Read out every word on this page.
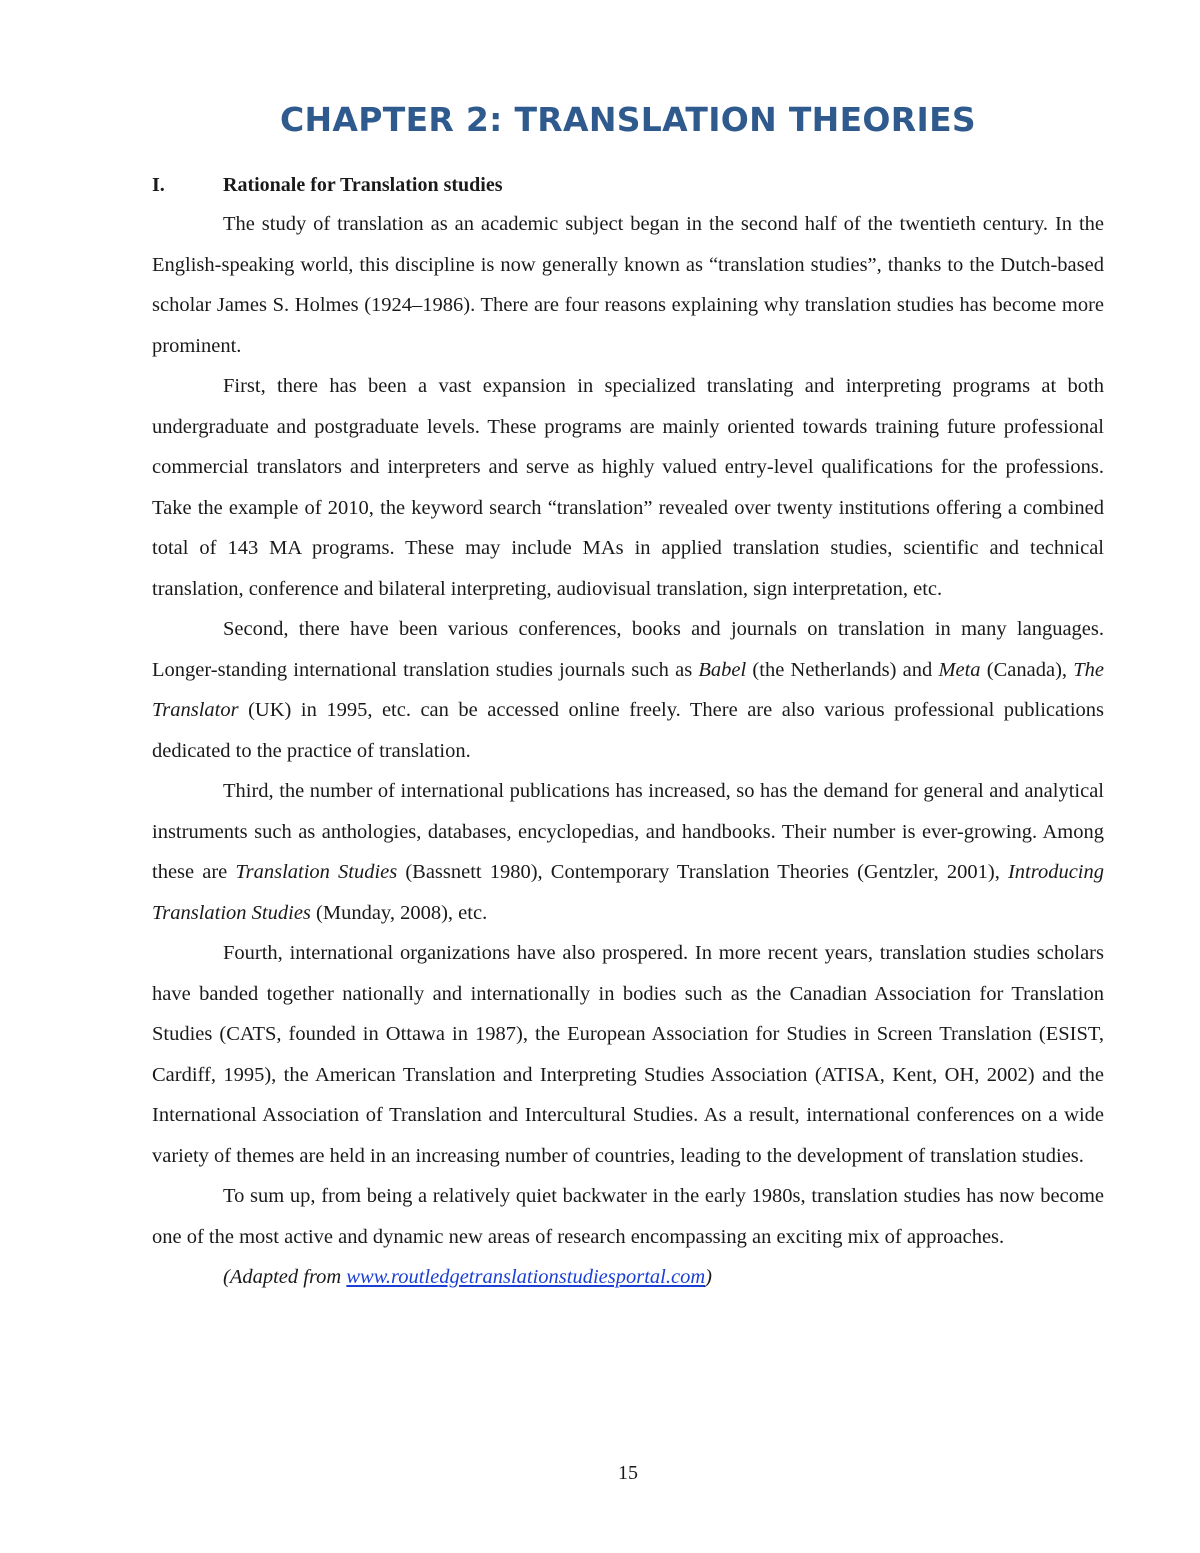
CHAPTER 2: TRANSLATION THEORIES
I.	Rationale for Translation studies

The study of translation as an academic subject began in the second half of the twentieth century. In the English-speaking world, this discipline is now generally known as “translation studies”, thanks to the Dutch-based scholar James S. Holmes (1924–1986). There are four reasons explaining why translation studies has become more prominent.

First, there has been a vast expansion in specialized translating and interpreting programs at both undergraduate and postgraduate levels. These programs are mainly oriented towards training future professional commercial translators and interpreters and serve as highly valued entry-level qualifications for the professions. Take the example of 2010, the keyword search “translation” revealed over twenty institutions offering a combined total of 143 MA programs. These may include MAs in applied translation studies, scientific and technical translation, conference and bilateral interpreting, audiovisual translation, sign interpretation, etc.

Second, there have been various conferences, books and journals on translation in many languages. Longer-standing international translation studies journals such as Babel (the Netherlands) and Meta (Canada), The Translator (UK) in 1995, etc. can be accessed online freely. There are also various professional publications dedicated to the practice of translation.

Third, the number of international publications has increased, so has the demand for general and analytical instruments such as anthologies, databases, encyclopedias, and handbooks. Their number is ever-growing. Among these are Translation Studies (Bassnett 1980), Contemporary Translation Theories (Gentzler, 2001), Introducing Translation Studies (Munday, 2008), etc.

Fourth, international organizations have also prospered. In more recent years, translation studies scholars have banded together nationally and internationally in bodies such as the Canadian Association for Translation Studies (CATS, founded in Ottawa in 1987), the European Association for Studies in Screen Translation (ESIST, Cardiff, 1995), the American Translation and Interpreting Studies Association (ATISA, Kent, OH, 2002) and the International Association of Translation and Intercultural Studies. As a result, international conferences on a wide variety of themes are held in an increasing number of countries, leading to the development of translation studies.

To sum up, from being a relatively quiet backwater in the early 1980s, translation studies has now become one of the most active and dynamic new areas of research encompassing an exciting mix of approaches.

(Adapted from www.routledgetranslationstudiesportal.com)

15
